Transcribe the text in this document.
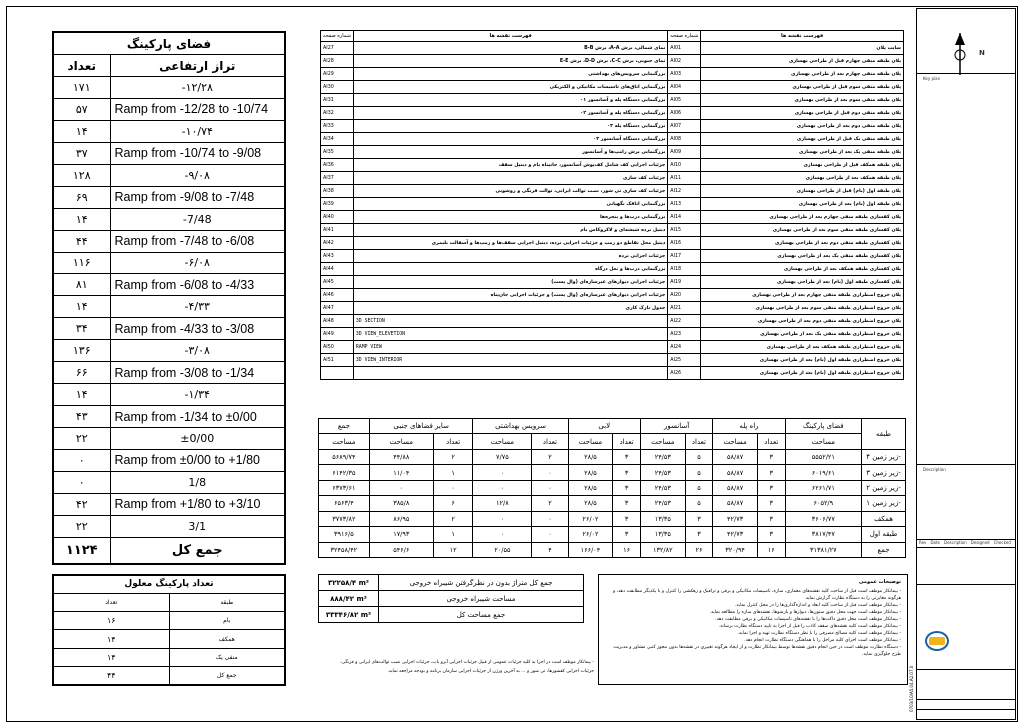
فضای پارکینگ	
تعداد	تراز ارتفاعی
۱۷۱	-۱۲/۲۸
۵۷	Ramp from -12/28 to -10/74
۱۴	-۱۰/۷۴
۳۷	Ramp from -10/74 to -9/08
۱۲۸	-۹/۰۸
۶۹	Ramp from -9/08 to -7/48
۱۴	-7/48
۴۴	Ramp from -7/48 to -6/08
۱۱۶	-۶/۰۸
۸۱	Ramp from -6/08 to -4/33
۱۴	-۴/۳۳
۳۴	Ramp from -4/33 to -3/08
۱۳۶	-۳/۰۸
۶۶	Ramp from -3/08 to -1/34
۱۴	-۱/۳۴
۴۳	Ramp from -1/34 to ±0/00
۲۲	±0/00
۰	Ramp from ±0/00 to +1/80
۰	1/8
۴۲	Ramp from +1/80 to +3/10
۲۲	3/1
۱۱۲۴	جمع کل
تعداد پارکینگ معلول	
تعداد	طبقه
۱۶	بام
۱۴	همکف
۱۴	منفی یک
۴۴	جمع کل
شماره صفحه	فهرست نقشه ها	شماره صفحه	فهرست نقشه ها
AI27	نمای شمالی، برش A-A، برش B-B	AI01	سایت پلان
AI28	نمای جنوبی، برش C-C، برش D-D، برش E-E	AI02	پلان طبقه منفی چهارم قبل از طراحی بهسازی
AI29	بزرگنمایی سرویس‌های بهداشتی	AI03	پلان طبقه منفی چهارم بعد از طراحی بهسازی
AI30	بزرگنمایی اتاق‌های تاسیسات مکانیکی و الکتریکی	AI04	پلان طبقه منفی سوم قبل از طراحی بهسازی
AI31	بزرگنمایی دستگاه پله و آسانسور ۰۱	AI05	پلان طبقه منفی سوم بعد از طراحی بهسازی
AI32	بزرگنمایی دستگاه پله و آسانسور ۰۲	AI06	پلان طبقه منفی دوم قبل از طراحی بهسازی
AI33	بزرگنمایی دستگاه پله ۰۳	AI07	پلان طبقه منفی دوم بعد از طراحی بهسازی
AI34	بزرگنمایی دستگاه آسانسور ۰۳	AI08	پلان طبقه منفی یک قبل از طراحی بهسازی
AI35	بزرگنمایی برش رامپ‌ها و آسانسور	AI09	پلان طبقه منفی یک بعد از طراحی بهسازی
AI36	جزئیات اجرایی کف شامل کف‌پوش آسانسور، جانپناه بام و دیتیل سقف	AI10	پلان طبقه همکف قبل از طراحی بهسازی
AI37	جزئیات کف سازی	AI11	پلان طبقه همکف بعد از طراحی بهسازی
AI38	جزئیات کف سازی تی شور، نصب توالت ایرانی، توالت فرنگی و روشویی	AI12	پلان طبقه اول (بام) قبل از طراحی بهسازی
AI39	بزرگنمایی اتاقک نگهبانی	AI13	پلان طبقه اول (بام) بعد از طراحی بهسازی
AI40	بزرگنمایی درب‌ها و پنجره‌ها	AI14	پلان کفسازی طبقه منفی چهارم بعد از طراحی بهسازی
AI41	دیتیل نرده شیشه‌ای و لاکروکاس بام	AI15	پلان کفسازی طبقه منفی سوم بعد از طراحی بهسازی
AI42	دیتیل محل تقاطع دو رمپ و جزئیات اجرایی نرده، دیتیل اجرایی سقف‌ها و رمپ‌ها و آسفالت بلیمری	AI16	پلان کفسازی طبقه منفی دوم بعد از طراحی بهسازی
AI43	جزئیات اجرایی نرده	AI17	پلان کفسازی طبقه منفی یک بعد از طراحی بهسازی
AI44	بزرگنمایی درب‌ها و نعل درگاه	AI18	پلان کفسازی طبقه همکف بعد از طراحی بهسازی
AI45	جزئیات اجرایی دیوارهای غیرسازه‌ای (وال پست)	AI19	پلان کفسازی طبقه اول (بام) بعد از طراحی بهسازی
AI46	جزئیات اجرایی دیوارهای غیرسازه‌ای (وال پست) و جزئیات اجرایی جان‌پناه	AI20	پلان خروج اضطراری طبقه منفی چهارم بعد از طراحی بهسازی
AI47	جدول نازک کاری	AI21	پلان خروج اضطراری طبقه منفی سوم بعد از طراحی بهسازی
AI48	3D SECTION	AI22	پلان خروج اضطراری طبقه منفی دوم بعد از طراحی بهسازی
AI49	3D VIEW_ELEVETION	AI23	پلان خروج اضطراری طبقه منفی یک بعد از طراحی بهسازی
AI50	RAMP VIEW	AI24	پلان خروج اضطراری طبقه همکف بعد از طراحی بهسازی
AI51	3D VIEW_INTERIOR	AI25	پلان خروج اضطراری طبقه اول (بام) بعد از طراحی بهسازی
		AI26	پلان خروج اضطراری طبقه اول (بام) بعد از طراحی بهسازی
جمع	سایر فضاهای جنبی		سرویس بهداشتی		لابی		آسانسور		راه پله		فضای پارکینگ	طبقه
مساحت	مساحت	تعداد	مساحت	تعداد	مساحت	تعداد	مساحت	تعداد	مساحت	تعداد	مساحت	
۵۶۸۹/۷۴	۴۴/۸۸	۲	۷/۷۵	۲	۲۸/۵	۳	۲۴/۵۳	۵	۵۸/۸۷	۳	۵۵۵۲/۲۱	زیر زمین ۴-
۶۱۴۲/۳۵	۱۱/۰۴	۱	۰	۰	۲۸/۵	۳	۲۴/۵۳	۵	۵۸/۸۷	۳	۶۰۱۹/۶۱	زیر زمین ۳-
۶۳۷۳/۶۱	۰	۰	۰	۰	۲۸/۵	۳	۲۴/۵۳	۵	۵۸/۸۷	۳	۶۲۶۱/۷۱	زیر زمین ۲-
۶۵۶۳/۴	۳۸۵/۸	۶	۱۲/۸	۲	۲۸/۵	۳	۲۴/۵۳	۵	۵۸/۸۷	۳	۶۰۵۲/۹	زیر زمین ۱-
۳۷۷۳/۸۲	۸۶/۹۵	۲	۰	۰	۲۶/۰۲	۳	۱۳/۳۵	۳	۴۲/۷۳	۳	۳۶۰۶/۷۷	همکف
۳۹۱۶/۵	۱۷/۹۳	۱	۰	۰	۲۶/۰۲	۳	۱۳/۳۵	۳	۴۲/۷۳	۳	۳۸۱۷/۴۷	طبقه اول
۳۲۴۵۸/۴۲	۵۴۶/۶	۱۲	۲۰/۵۵	۴	۱۶۶/۰۴	۱۶	۱۳۲/۸۲	۲۶	۳۲۰/۹۴	۱۶	۳۱۳۸۱/۲۷	جمع
۳۲۲۵۸/۴ m²	جمع کل متراژ بدون در نظرگرفتن شیبراه خروجی
۸۸۸/۴۲ m²	مساحت شیبراه خروجی
۳۳۳۴۶/۸۲ m²	جمع مساحت کل
توضیحات عمومی

- بیمانکار موظف است قبل از ساخت کلیه نقشه‌های معماری، سازه، تاسیسات مکانیکی و برقی و ترافیک و زهکشی را کنترل و با یکدیگر مطابقت دهد، و هرگونه مغایرتی را به دستگاه نظارت گزارش نماید.

- بیمانکار موظف است قبل از ساخت کلیه ابعاد و اندازه‌گذاری‌ها را در محل کنترل نماید.

- بیمانکار موظف است جهت محل دقیق ستون‌ها، دیوارها و بازشوها، نقشه‌های سازه را مطالعه نماید.

- بیمانکار موظف است محل دقیق داکت‌ها را با نقشه‌های تاسیسات مکانیکی و برقی مطابقت دهد.

- بیمانکار موظف است کلیه نقشه‌های سقف کاذب را قبل از اجرا به تایید دستگاه نظارت برساند.

- بیمانکار موظف است کلیه مصالح مصرفی را با نظر دستگاه نظارت تهیه و اجرا نماید.

- بیمانکار موظف است اجرای کلیه مراحل را با هماهنگی دستگاه نظارت انجام دهد.

- دستگاه نظارت موظف است در حین انجام دقیق نقشه‌ها توسط بیمانکار نظارت و از ایجاد هرگونه تغییری در نقشه‌ها بدون مجوز کتبی مشاور و مدیریت طرح جلوگیری نماید.

- بیمانکار موظف است در اجرا به کلیه جزئیات عمومی از قبیل جزئیات اجرایی آبرو باب، جزئیات اجرایی نصب توالت‌های ایرانی و فرنگی،

جزئیات اجرایی کفشورها، تی شور و ... به آخرین ورژن از جزئیات اجرایی سازمان برنامه و بودجه مراجعه نماید.

N
Key plan
Description
Rev Date Description Designed Checked
0703/10/A5.04.A2.07.0
